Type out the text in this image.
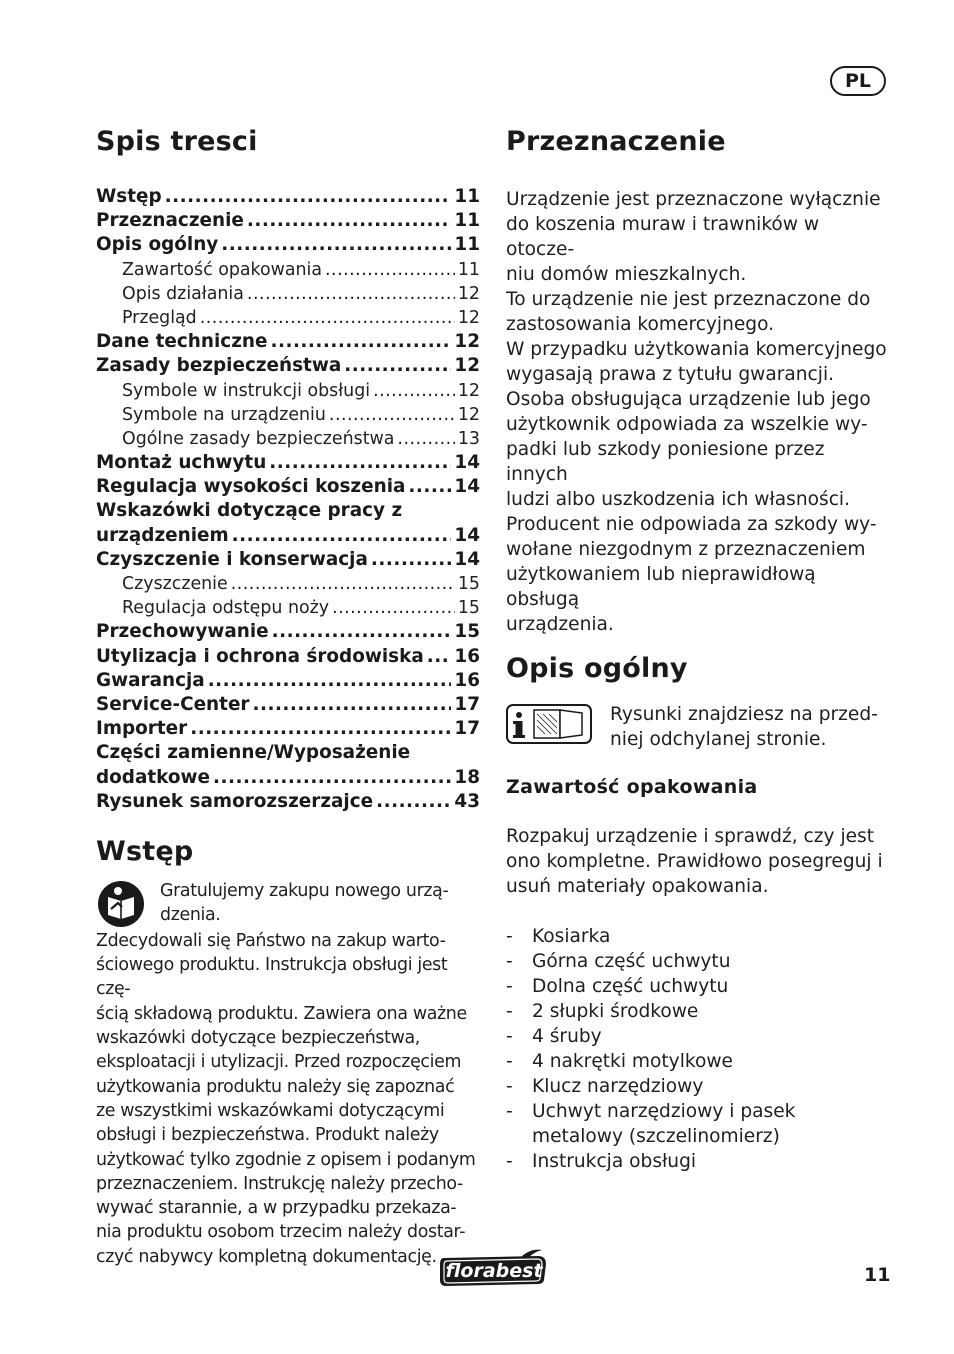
PL
Spis tresci
Wstęp .....	11
Przeznaczenie .....	11
Opis ogólny .....	11
Zawartość opakowania .....	11
Opis działania .....	12
Przegląd .....	12
Dane techniczne .....	12
Zasady bezpieczeństwa .....	12
Symbole w instrukcji obsługi .....	12
Symbole na urządzeniu .....	12
Ogólne zasady bezpieczeństwa .....	13
Montaż uchwytu .....	14
Regulacja wysokości koszenia .....	14
Wskazówki dotyczące pracy z
urządzeniem .....	14
Czyszczenie i konserwacja .....	14
Czyszczenie .....	15
Regulacja odstępu noży .....	15
Przechowywanie .....	15
Utylizacja i ochrona środowiska ..... 16
Gwarancja .....	16
Service-Center .....	17
Importer .....	17
Części zamienne/Wyposażenie
dodatkowe .....	18
Rysunek samorozszerzajce .....	43
Wstęp

Gratulujemy zakupu nowego urzą-
dzenia.

Zdecydowali się Państwo na zakup warto-
ściowego produktu. Instrukcja obsługi jest czę-
ścią składową produktu. Zawiera ona ważne
wskazówki dotyczące bezpieczeństwa,
eksploatacji i utylizacji. Przed rozpoczęciem
użytkowania produktu należy się zapoznać
ze wszystkimi wskazówkami dotyczącymi
obsługi i bezpieczeństwa. Produkt należy
użytkować tylko zgodnie z opisem i podanym
przeznaczeniem. Instrukcję należy przecho-
wywać starannie, a w przypadku przekaza-
nia produktu osobom trzecim należy dostar-
czyć nabywcy kompletną dokumentację.

Przeznaczenie

Urządzenie jest przeznaczone wyłącznie
do koszenia muraw i trawników w otocze-
niu domów mieszkalnych.
To urządzenie nie jest przeznaczone do
zastosowania komercyjnego.
W przypadku użytkowania komercyjnego
wygasają prawa z tytułu gwarancji.
Osoba obsługująca urządzenie lub jego
użytkownik odpowiada za wszelkie wy-
padki lub szkody poniesione przez innych
ludzi albo uszkodzenia ich własności.
Producent nie odpowiada za szkody wy-
wołane niezgodnym z przeznaczeniem
użytkowaniem lub nieprawidłową obsługą
urządzenia.

Opis ogólny

Rysunki znajdziesz na przed-
niej odchylanej stronie.

Zawartość opakowania

Rozpakuj urządzenie i sprawdź, czy jest
ono kompletne. Prawidłowo posegreguj i
usuń materiały opakowania.

- Kosiarka
- Górna część uchwytu
- Dolna część uchwytu
- 2 słupki środkowe
- 4 śruby
- 4 nakrętki motylkowe
- Klucz narzędziowy
- Uchwyt narzędziowy i pasek metalowy (szczelinomierz)
- Instrukcja obsługi
florabest	11
